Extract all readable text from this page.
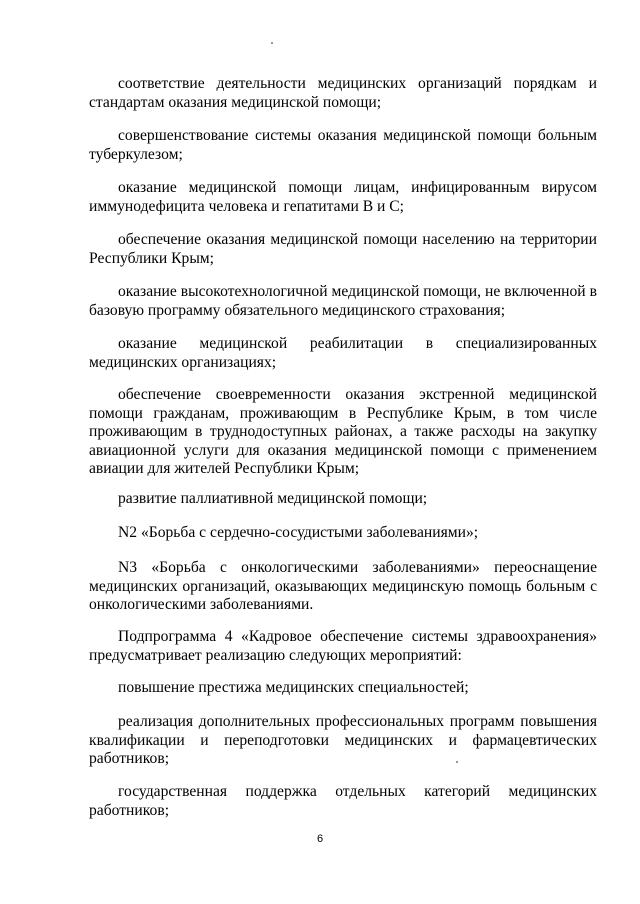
соответствие деятельности медицинских организаций порядкам и стандартам оказания медицинской помощи;

совершенствование системы оказания медицинской помощи больным туберкулезом;

оказание медицинской помощи лицам, инфицированным вирусом иммунодефицита человека и гепатитами В и С;

обеспечение оказания медицинской помощи населению на территории Республики Крым;

оказание высокотехнологичной медицинской помощи, не включенной в базовую программу обязательного медицинского страхования;

оказание медицинской реабилитации в специализированных медицинских организациях;

обеспечение своевременности оказания экстренной медицинской помощи гражданам, проживающим в Республике Крым, в том числе проживающим в труднодоступных районах, а также расходы на закупку авиационной услуги для оказания медицинской помощи с применением авиации для жителей Республики Крым;

развитие паллиативной медицинской помощи;

N2 «Борьба с сердечно-сосудистыми заболеваниями»;

N3 «Борьба с онкологическими заболеваниями» переоснащение медицинских организаций, оказывающих медицинскую помощь больным с онкологическими заболеваниями.

Подпрограмма 4 «Кадровое обеспечение системы здравоохранения» предусматривает реализацию следующих мероприятий:

повышение престижа медицинских специальностей;

реализация дополнительных профессиональных программ повышения квалификации и переподготовки медицинских и фармацевтических работников;

государственная поддержка отдельных категорий медицинских работников;

6
